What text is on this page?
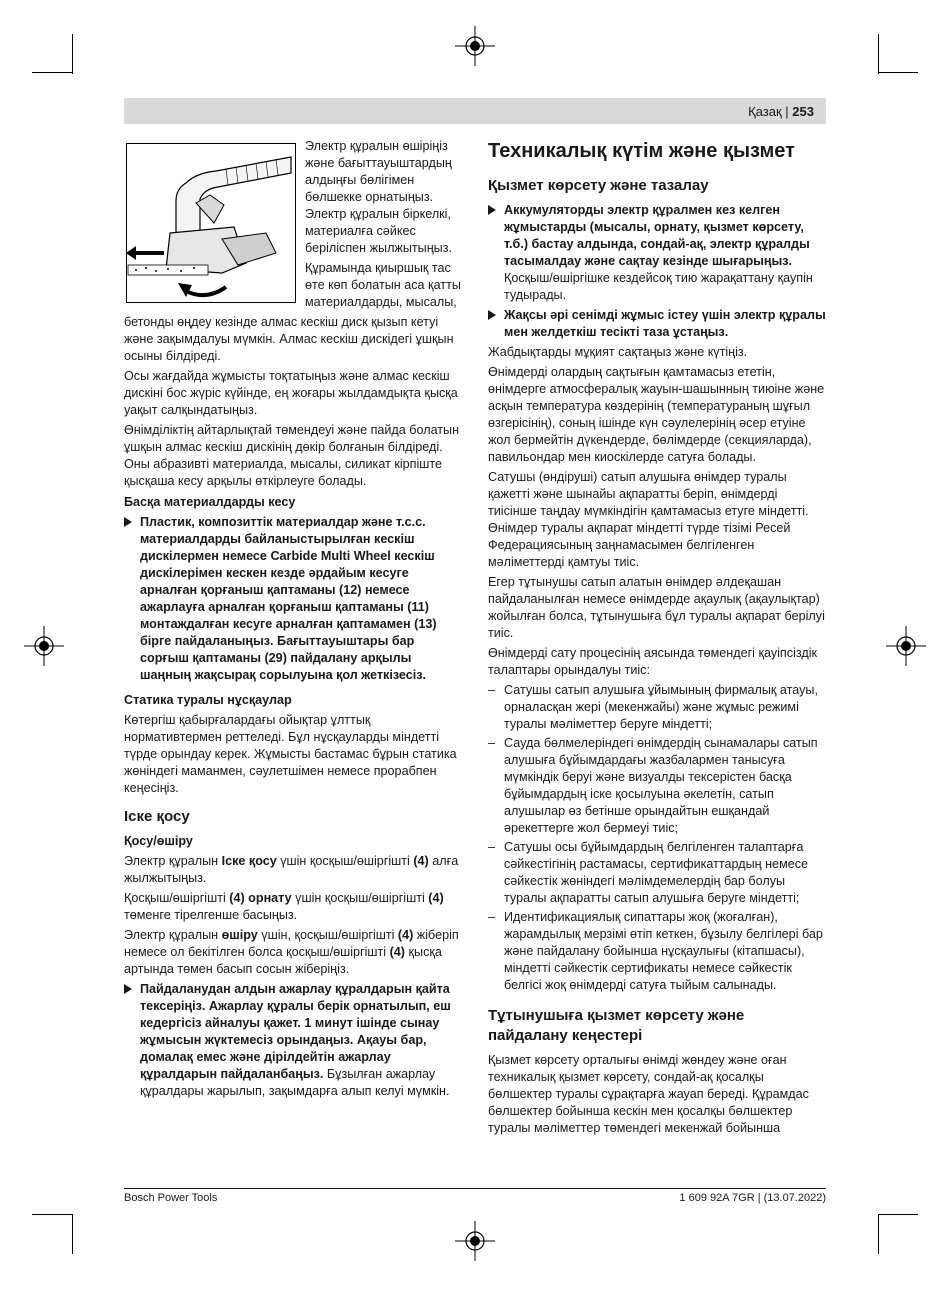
Қазақ | 253

Электр құралын өшіріңіз және бағыттауыштардың алдыңғы бөлігімен бөлшекке орнатыңыз. Электр құралын біркелкі, материалға сәйкес берілiспен жылжытыңыз.

Құрамында қиыршық тас өте көп болатын аса қатты материалдарды, мысалы,

бетонды өңдеу кезінде алмас кескіш диск қызып кетуі және зақымдалуы мүмкін. Алмас кескіш дискідегі ұшқын осыны білдіреді.

Осы жағдайда жұмысты тоқтатыңыз және алмас кескіш дискіні бос жүріс күйінде, ең жоғары жылдамдықта қысқа уақыт салқындатыңыз.

Өнімділіктің айтарлықтай төмендеуі және пайда болатын ұшқын алмас кескіш дискінің дөкір болғанын білдіреді. Оны абразивті материалда, мысалы, силикат кірпіште қысқаша кесу арқылы өткірлеуге болады.

Басқа материалдарды кесу
Пластик, композиттік материалдар және т.с.с. материалдарды байланыстырылған кескіш дискілермен немесе Carbide Multi Wheel кескіш дискілерімен кескен кезде әрдайым кесуге арналған қорғаныш қаптаманы (12) немесе ажарлауға арналған қорғаныш қаптаманы (11) монтаждалған кесуге арналған қаптамамен (13) бірге пайдаланыңыз. Бағыттауыштары бар сорғыш қаптаманы (29) пайдалану арқылы шаңның жақсырақ сорылуына қол жеткізесіз.
Статика туралы нұсқаулар

Көтергіш қабырғалардағы ойықтар ұлттық нормативтермен реттеледі. Бұл нұсқауларды міндетті түрде орындау керек. Жұмысты бастамас бұрын статика жөніндегі маманмен, сәулетшімен немесе прорабпен кеңесіңіз.

Іске қосу
Қосу/өшіру

Электр құралын Іске қосу үшін қосқыш/өшіргішті (4) алға жылжытыңыз.

Қосқыш/өшіргішті (4) орнату үшін қосқыш/өшіргішті (4) төменге тірелгенше басыңыз.

Электр құралын өшіру үшін, қосқыш/өшіргішті (4) жіберіп немесе ол бекітілген болса қосқыш/өшіргішті (4) қысқа артында төмен басып сосын жіберіңіз.

Пайдаланудан алдын ажарлау құралдарын қайта тексеріңіз. Ажарлау құралы берік орнатылып, еш кедергісіз айналуы қажет. 1 минут ішінде сынау жұмысын жүктемесіз орындаңыз. Ақауы бар, домалақ емес және дірілдейтін ажарлау құралдарын пайдаланбаңыз. Бұзылған ажарлау құралдары жарылып, зақымдарға алып келуі мүмкін.
Техникалық күтім және қызмет
Қызмет көрсету және тазалау
Аккумуляторды электр құралмен кез келген жұмыстарды (мысалы, орнату, қызмет көрсету, т.б.) бастау алдында, сондай-ақ, электр құралды тасымалдау және сақтау кезінде шығарыңыз. Қосқыш/өшіргішке кездейсоқ тию жарақаттану қаупін тудырады.
Жақсы әрі сенімді жұмыс істеу үшін электр құралы мен желдеткіш тесікті таза ұстаңыз.

Жабдықтарды мұқият сақтаңыз және күтіңіз.

Өнімдерді олардың сақтығын қамтамасыз ететін, өнімдерге атмосфералық жауын-шашынның тиюіне және асқын температура көздерінің (температураның шұғыл өзгерісінің), соның ішінде күн сәулелерінің әсер етуіне жол бермейтін дүкендерде, бөлімдерде (секцияларда), павильондар мен киоскілерде сатуға болады.

Сатушы (өндіруші) сатып алушыға өнімдер туралы қажетті және шынайы ақпаратты беріп, өнімдерді тиісінше таңдау мүмкіндігін қамтамасыз етуге міндетті. Өнімдер туралы ақпарат міндетті түрде тізімі Ресей Федерациясының заңнамасымен белгіленген мәліметтерді қамтуы тиіс.

Егер тұтынушы сатып алатын өнімдер әлдеқашан пайдаланылған немесе өнімдерде ақаулық (ақаулықтар) жойылған болса, тұтынушыға бұл туралы ақпарат берілуі тиіс.

Өнімдерді сату процесінің аясында төмендегі қауіпсіздік талаптары орындалуы тиіс:

– Сатушы сатып алушыға ұйымының фирмалық атауы, орналасқан жері (мекенжайы) және жұмыс режимі туралы мәліметтер беруге міндетті;
– Сауда бөлмелеріндегі өнімдердің сынамалары сатып алушыға бұйымдардағы жазбалармен танысуға мүмкіндік беруі және визуалды тексерістен басқа бұйымдардың іске қосылуына әкелетін, сатып алушылар өз бетінше орындайтын ешқандай әрекеттерге жол бермеуі тиіс;
– Сатушы осы бұйымдардың белгіленген талаптарға сәйкестігінің растамасы, сертификаттардың немесе сәйкестік жөніндегі мәлімдемелердің бар болуы туралы ақпаратты сатып алушыға беруге міндетті;
– Идентификациялық сипаттары жоқ (жоғалған), жарамдылық мерзімі өтіп кеткен, бұзылу белгілері бар және пайдалану бойынша нұсқаулығы (кітапшасы), міндетті сәйкестік сертификаты немесе сәйкестік белгісі жоқ өнімдерді сатуға тыйым салынады.
Тұтынушыға қызмет көрсету және пайдалану кеңестері

Қызмет көрсету орталығы өнімді жөндеу және оған техникалық қызмет көрсету, сондай-ақ қосалқы бөлшектер туралы сұрақтарға жауап береді. Құрамдас бөлшектер бойынша кескін мен қосалқы бөлшектер туралы мәліметтер төмендегі мекенжай бойынша

Bosch Power Tools	1 609 92A 7GR | (13.07.2022)
